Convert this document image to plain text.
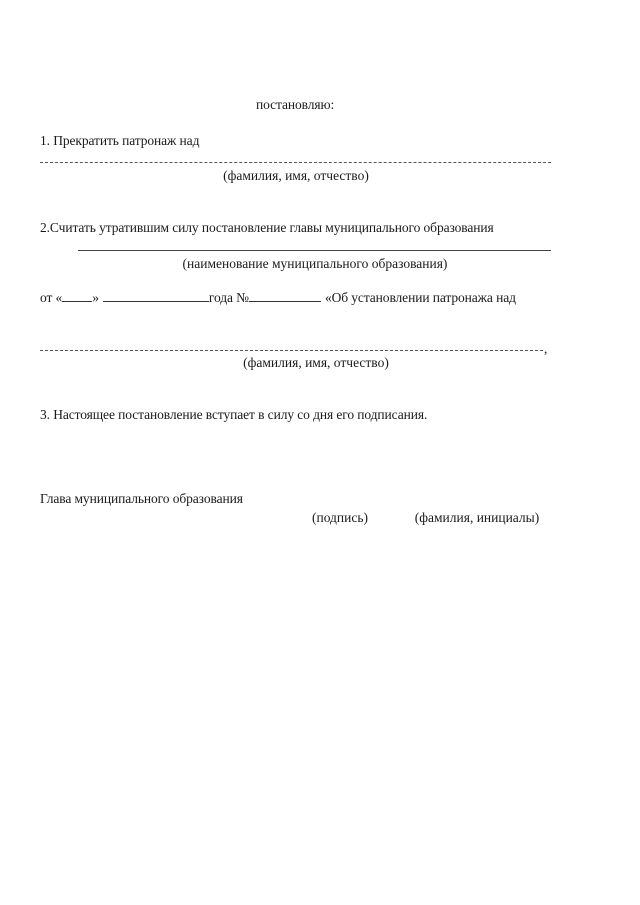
постановляю:
1. Прекратить патронаж над
(фамилия, имя, отчество)
2.Считать утратившим силу постановление главы муниципального образования
(наименование муниципального образования)
от « »	года №	«Об установлении патронажа над
,
(фамилия, имя, отчество)
3. Настоящее постановление вступает в силу со дня его подписания.
Глава муниципального образования
(подпись)	(фамилия, инициалы)
